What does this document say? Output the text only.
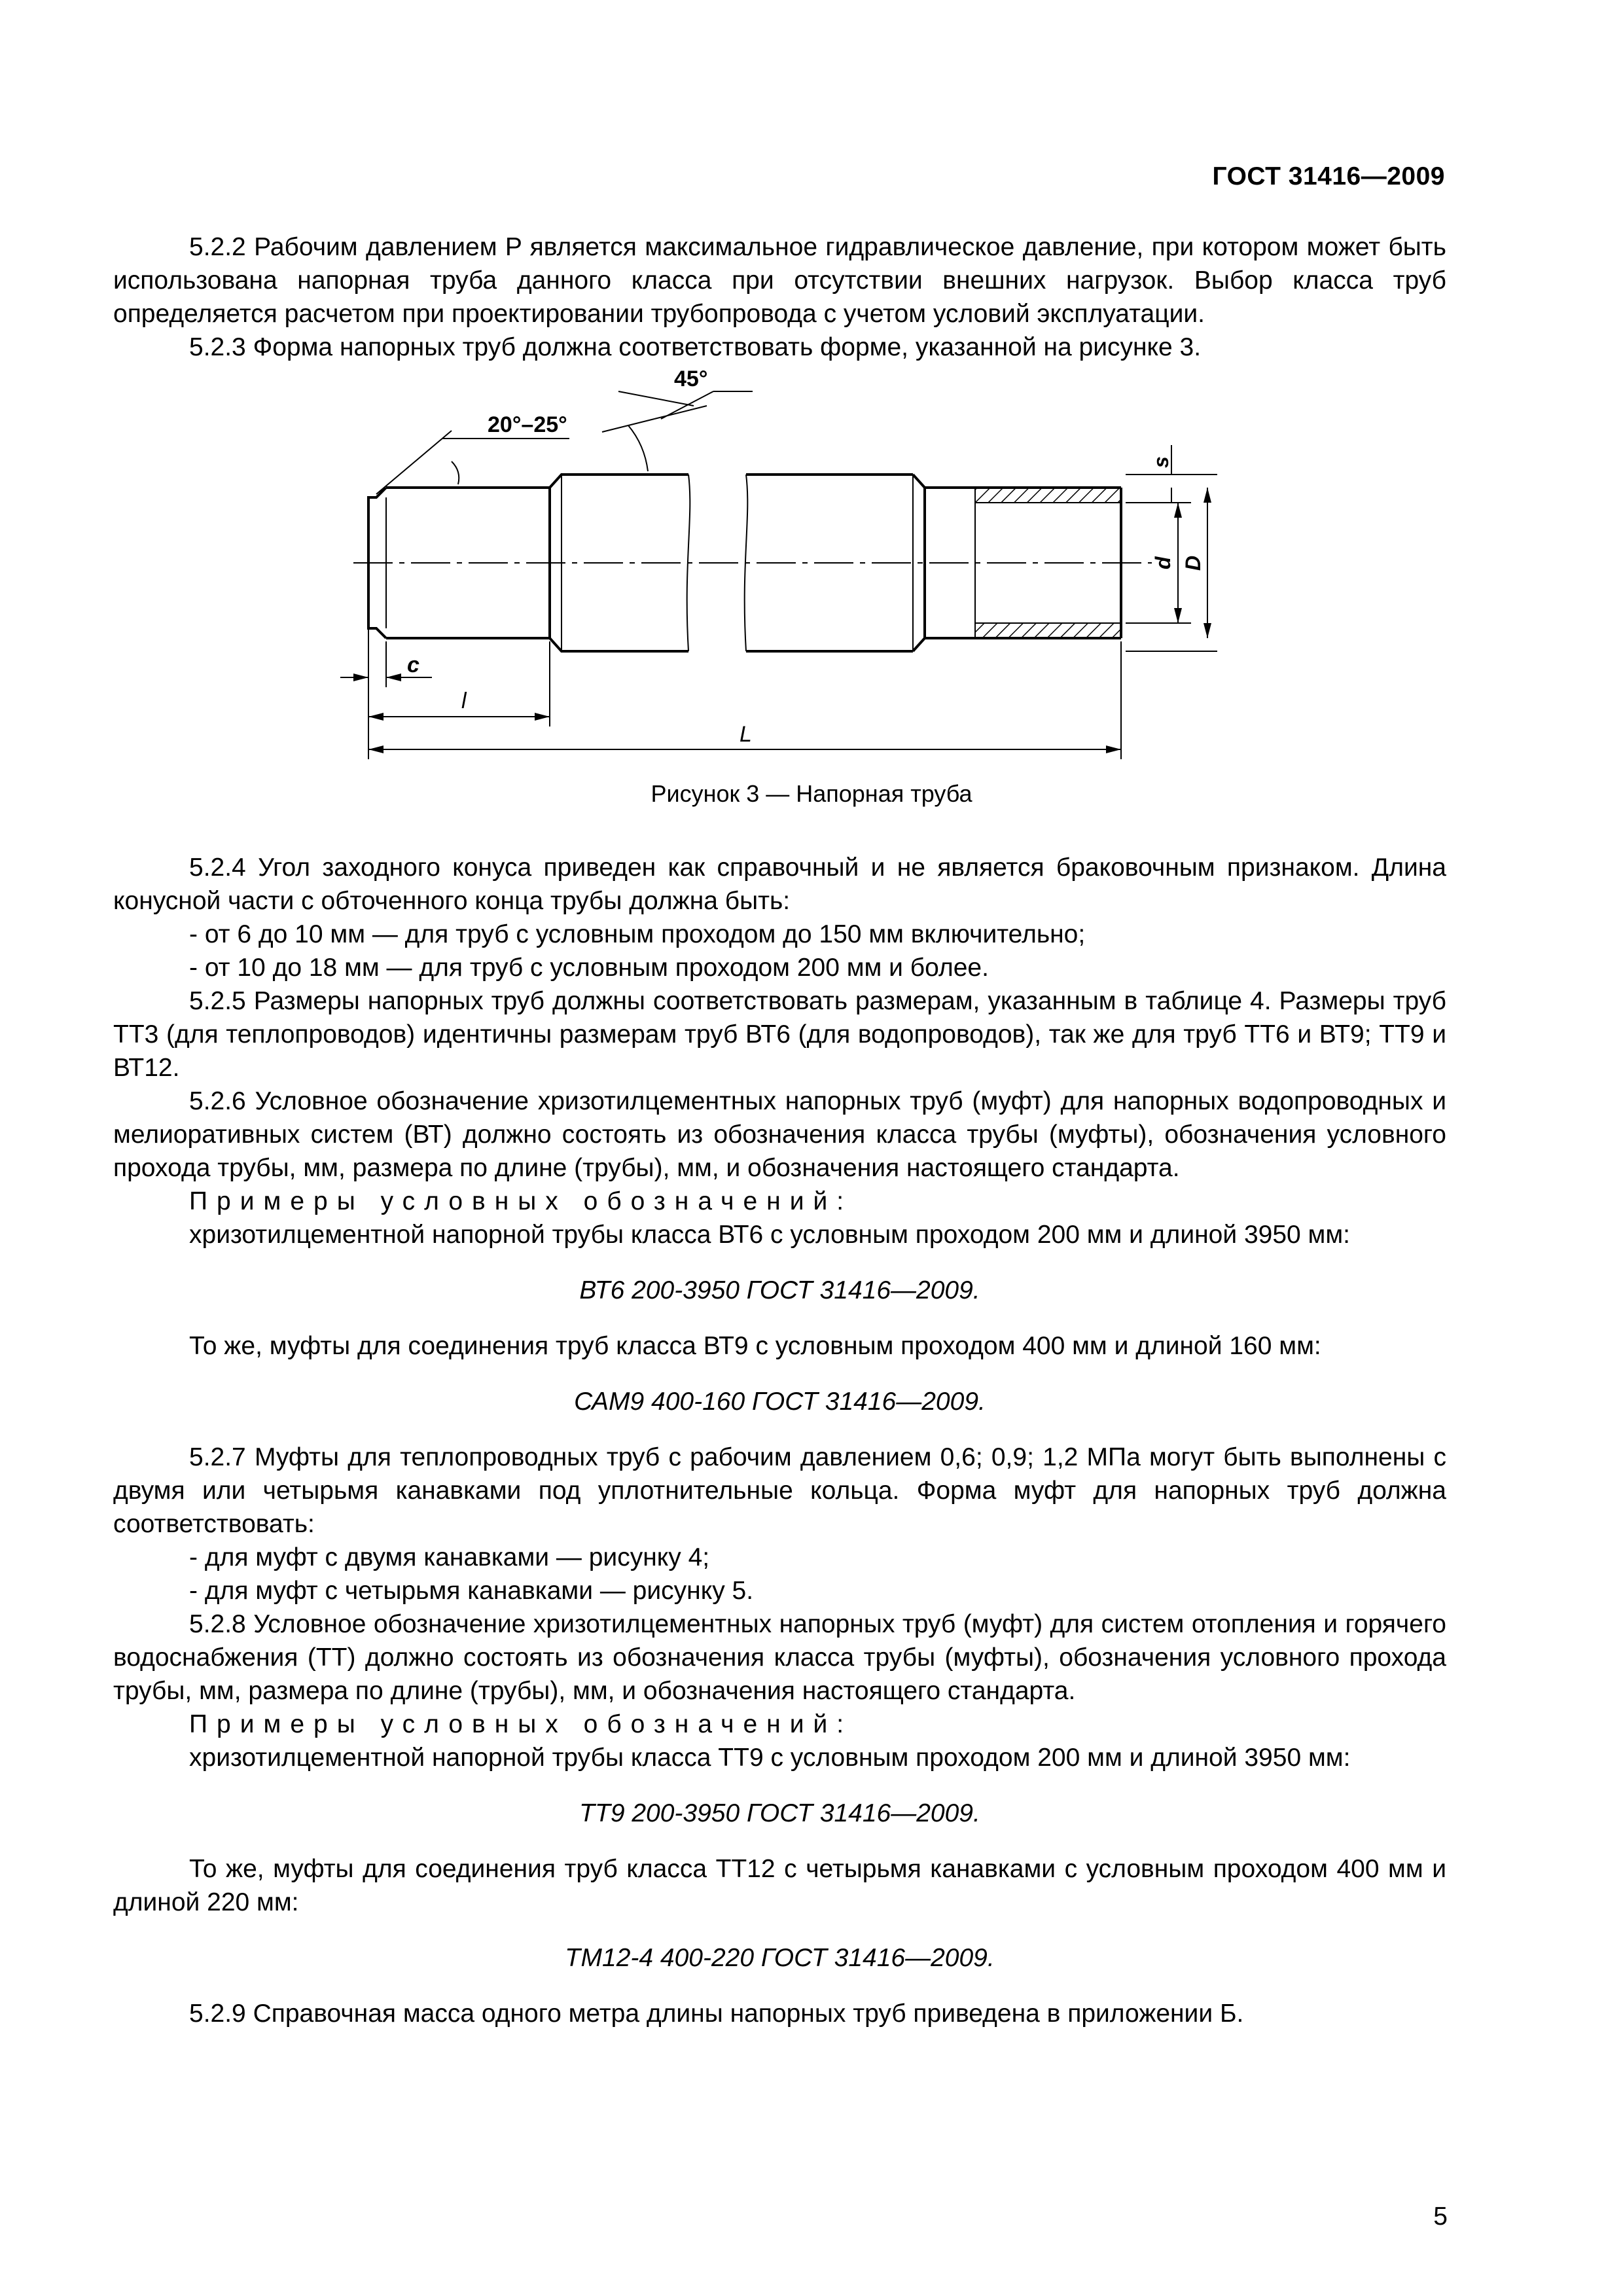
ГОСТ 31416—2009

5.2.2 Рабочим давлением P является максимальное гидравлическое давление, при котором может быть использована напорная труба данного класса при отсутствии внешних нагрузок. Выбор класса труб определяется расчетом при проектировании трубопровода с учетом условий эксплуатации.

5.2.3 Форма напорных труб должна соответствовать форме, указанной на рисунке 3.

20°–25°
45°
c
l
L
s
d D
Рисунок 3 — Напорная труба

5.2.4 Угол заходного конуса приведен как справочный и не является браковочным признаком. Длина конусной части c обточенного конца трубы должна быть:

- от 6 до 10 мм — для труб с условным проходом до 150 мм включительно;

- от 10 до 18 мм — для труб с условным проходом 200 мм и более.

5.2.5 Размеры напорных труб должны соответствовать размерам, указанным в таблице 4. Размеры труб ТТ3 (для теплопроводов) идентичны размерам труб ВТ6 (для водопроводов), так же для труб ТТ6 и ВТ9; ТТ9 и ВТ12.

5.2.6 Условное обозначение хризотилцементных напорных труб (муфт) для напорных водопроводных и мелиоративных систем (ВТ) должно состоять из обозначения класса трубы (муфты), обозначения условного прохода трубы, мм, размера по длине (трубы), мм, и обозначения настоящего стандарта.

Примеры условных обозначений:

хризотилцементной напорной трубы класса ВТ6 с условным проходом 200 мм и длиной 3950 мм:

ВТ6 200-3950 ГОСТ 31416—2009.

То же, муфты для соединения труб класса ВТ9 с условным проходом 400 мм и длиной 160 мм:

САМ9 400-160 ГОСТ 31416—2009.

5.2.7 Муфты для теплопроводных труб с рабочим давлением 0,6; 0,9; 1,2 МПа могут быть выполнены с двумя или четырьмя канавками под уплотнительные кольца. Форма муфт для напорных труб должна соответствовать:

- для муфт с двумя канавками — рисунку 4;

- для муфт с четырьмя канавками — рисунку 5.

5.2.8 Условное обозначение хризотилцементных напорных труб (муфт) для систем отопления и горячего водоснабжения (ТТ) должно состоять из обозначения класса трубы (муфты), обозначения условного прохода трубы, мм, размера по длине (трубы), мм, и обозначения настоящего стандарта.

Примеры условных обозначений:

хризотилцементной напорной трубы класса ТТ9 с условным проходом 200 мм и длиной 3950 мм:

ТТ9 200-3950 ГОСТ 31416—2009.

То же, муфты для соединения труб класса ТТ12 с четырьмя канавками с условным проходом 400 мм и длиной 220 мм:

ТМ12-4 400-220 ГОСТ 31416—2009.

5.2.9 Справочная масса одного метра длины напорных труб приведена в приложении Б.

5
